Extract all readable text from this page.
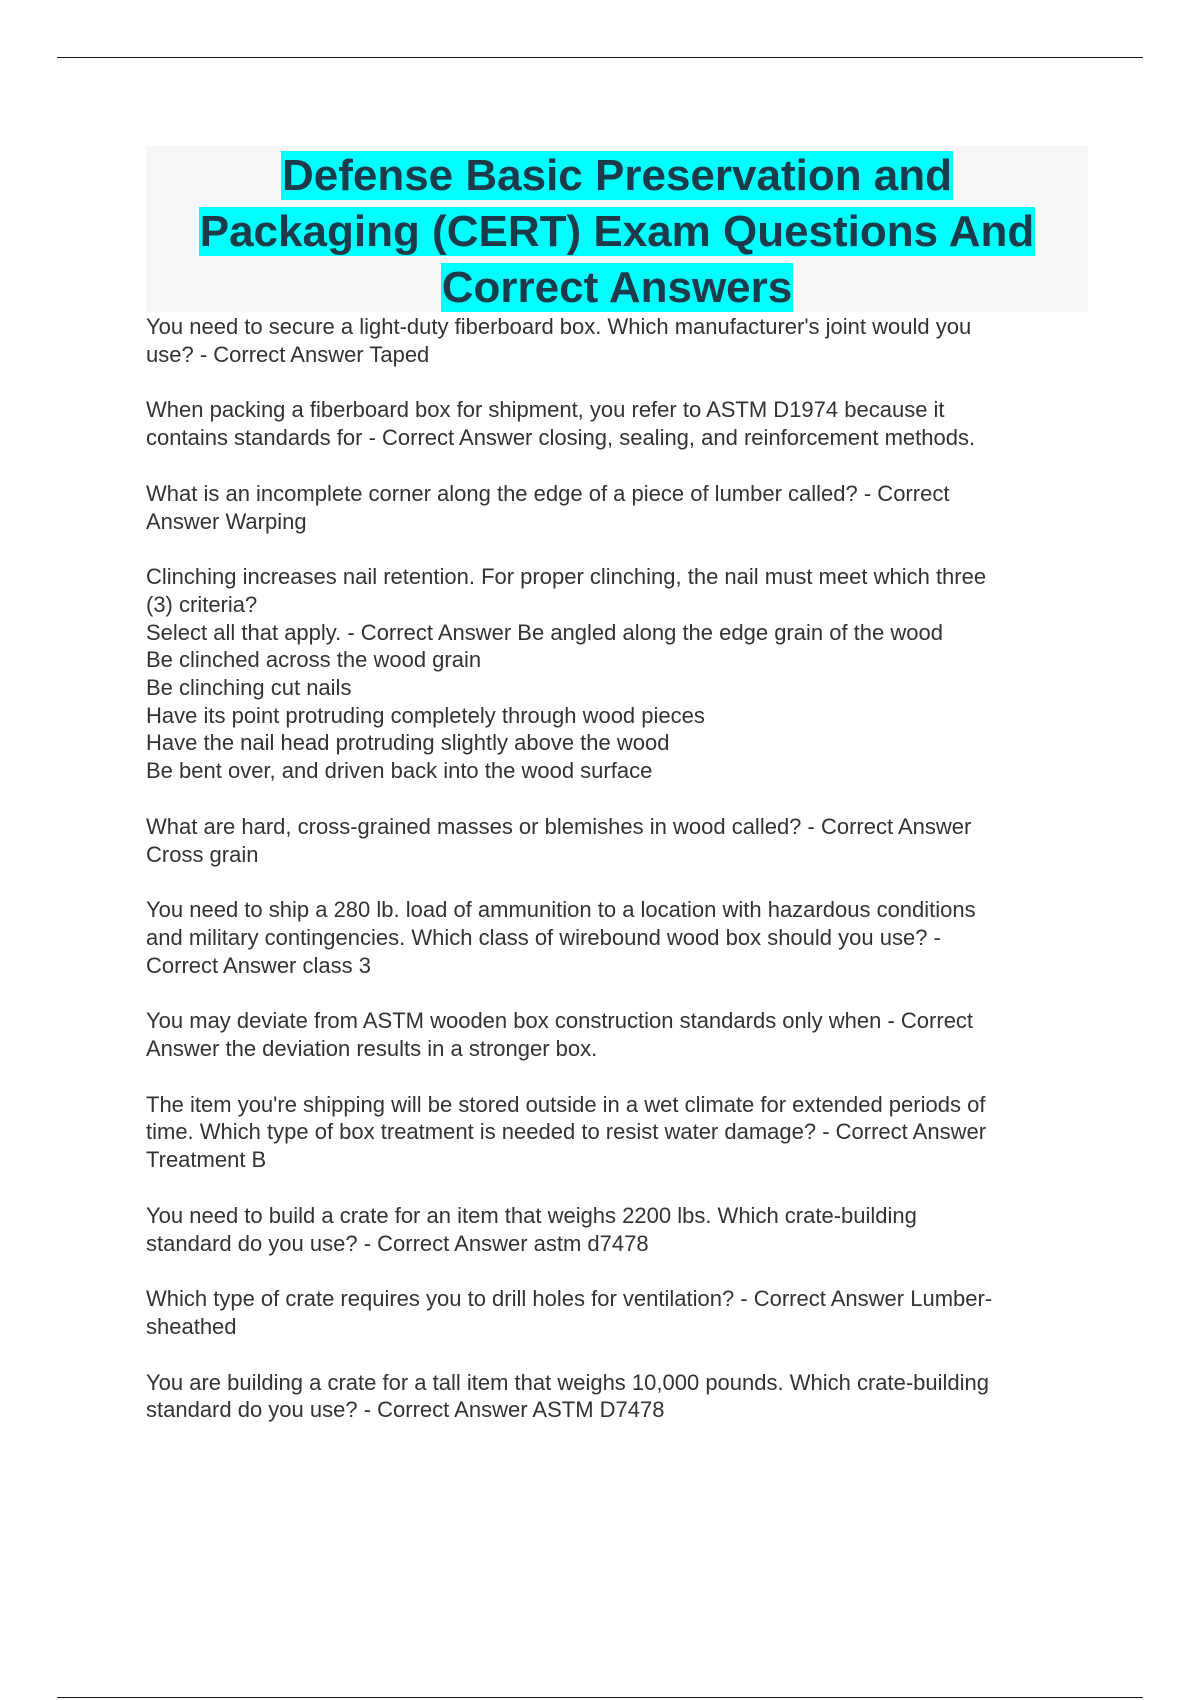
Defense Basic Preservation and
Packaging (CERT) Exam Questions And
Correct Answers
You need to secure a light-duty fiberboard box. Which manufacturer's joint would you
use? - Correct Answer Taped
When packing a fiberboard box for shipment, you refer to ASTM D1974 because it
contains standards for - Correct Answer closing, sealing, and reinforcement methods.
What is an incomplete corner along the edge of a piece of lumber called? - Correct
Answer Warping
Clinching increases nail retention. For proper clinching, the nail must meet which three
(3) criteria?
Select all that apply. - Correct Answer Be angled along the edge grain of the wood
Be clinched across the wood grain
Be clinching cut nails
Have its point protruding completely through wood pieces
Have the nail head protruding slightly above the wood
Be bent over, and driven back into the wood surface
What are hard, cross-grained masses or blemishes in wood called? - Correct Answer
Cross grain
You need to ship a 280 lb. load of ammunition to a location with hazardous conditions
and military contingencies. Which class of wirebound wood box should you use? -
Correct Answer class 3
You may deviate from ASTM wooden box construction standards only when - Correct
Answer the deviation results in a stronger box.
The item you're shipping will be stored outside in a wet climate for extended periods of
time. Which type of box treatment is needed to resist water damage? - Correct Answer
Treatment B
You need to build a crate for an item that weighs 2200 lbs. Which crate-building
standard do you use? - Correct Answer astm d7478
Which type of crate requires you to drill holes for ventilation? - Correct Answer Lumber-
sheathed
You are building a crate for a tall item that weighs 10,000 pounds. Which crate-building
standard do you use? - Correct Answer ASTM D7478
